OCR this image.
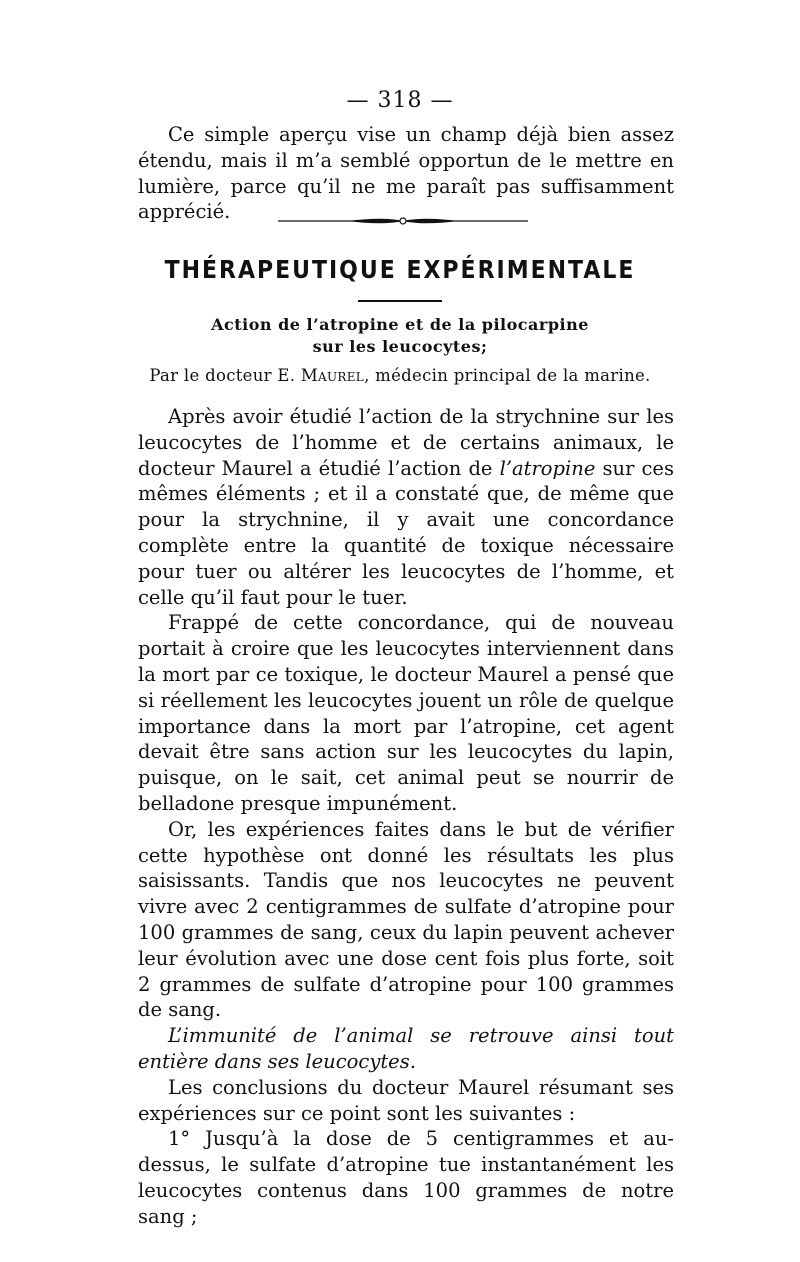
— 318 —

Ce simple aperçu vise un champ déjà bien assez étendu, mais il m’a semblé opportun de le mettre en lumière, parce qu’il ne me paraît pas suffisamment apprécié.

THÉRAPEUTIQUE EXPÉRIMENTALE
Action de l’atropine et de la pilocarpine
sur les leucocytes;
Par le docteur E. Maurel, médecin principal de la marine.

Après avoir étudié l’action de la strychnine sur les leucocytes de l’homme et de certains animaux, le docteur Maurel a étudié l’action de l’atropine sur ces mêmes éléments ; et il a constaté que, de même que pour la strychnine, il y avait une concordance complète entre la quantité de toxique nécessaire pour tuer ou altérer les leucocytes de l’homme, et celle qu’il faut pour le tuer.

Frappé de cette concordance, qui de nouveau portait à croire que les leucocytes interviennent dans la mort par ce toxique, le docteur Maurel a pensé que si réellement les leucocytes jouent un rôle de quelque importance dans la mort par l’atropine, cet agent devait être sans action sur les leucocytes du lapin, puisque, on le sait, cet animal peut se nourrir de belladone presque impunément.

Or, les expériences faites dans le but de vérifier cette hypothèse ont donné les résultats les plus saisissants. Tandis que nos leucocytes ne peuvent vivre avec 2 centigrammes de sulfate d’atropine pour 100 grammes de sang, ceux du lapin peuvent achever leur évolution avec une dose cent fois plus forte, soit 2 grammes de sulfate d’atropine pour 100 grammes de sang.

L’immunité de l’animal se retrouve ainsi tout entière dans ses leucocytes.

Les conclusions du docteur Maurel résumant ses expériences sur ce point sont les suivantes :

1° Jusqu’à la dose de 5 centigrammes et au-dessus, le sulfate d’atropine tue instantanément les leucocytes contenus dans 100 grammes de notre sang ;
